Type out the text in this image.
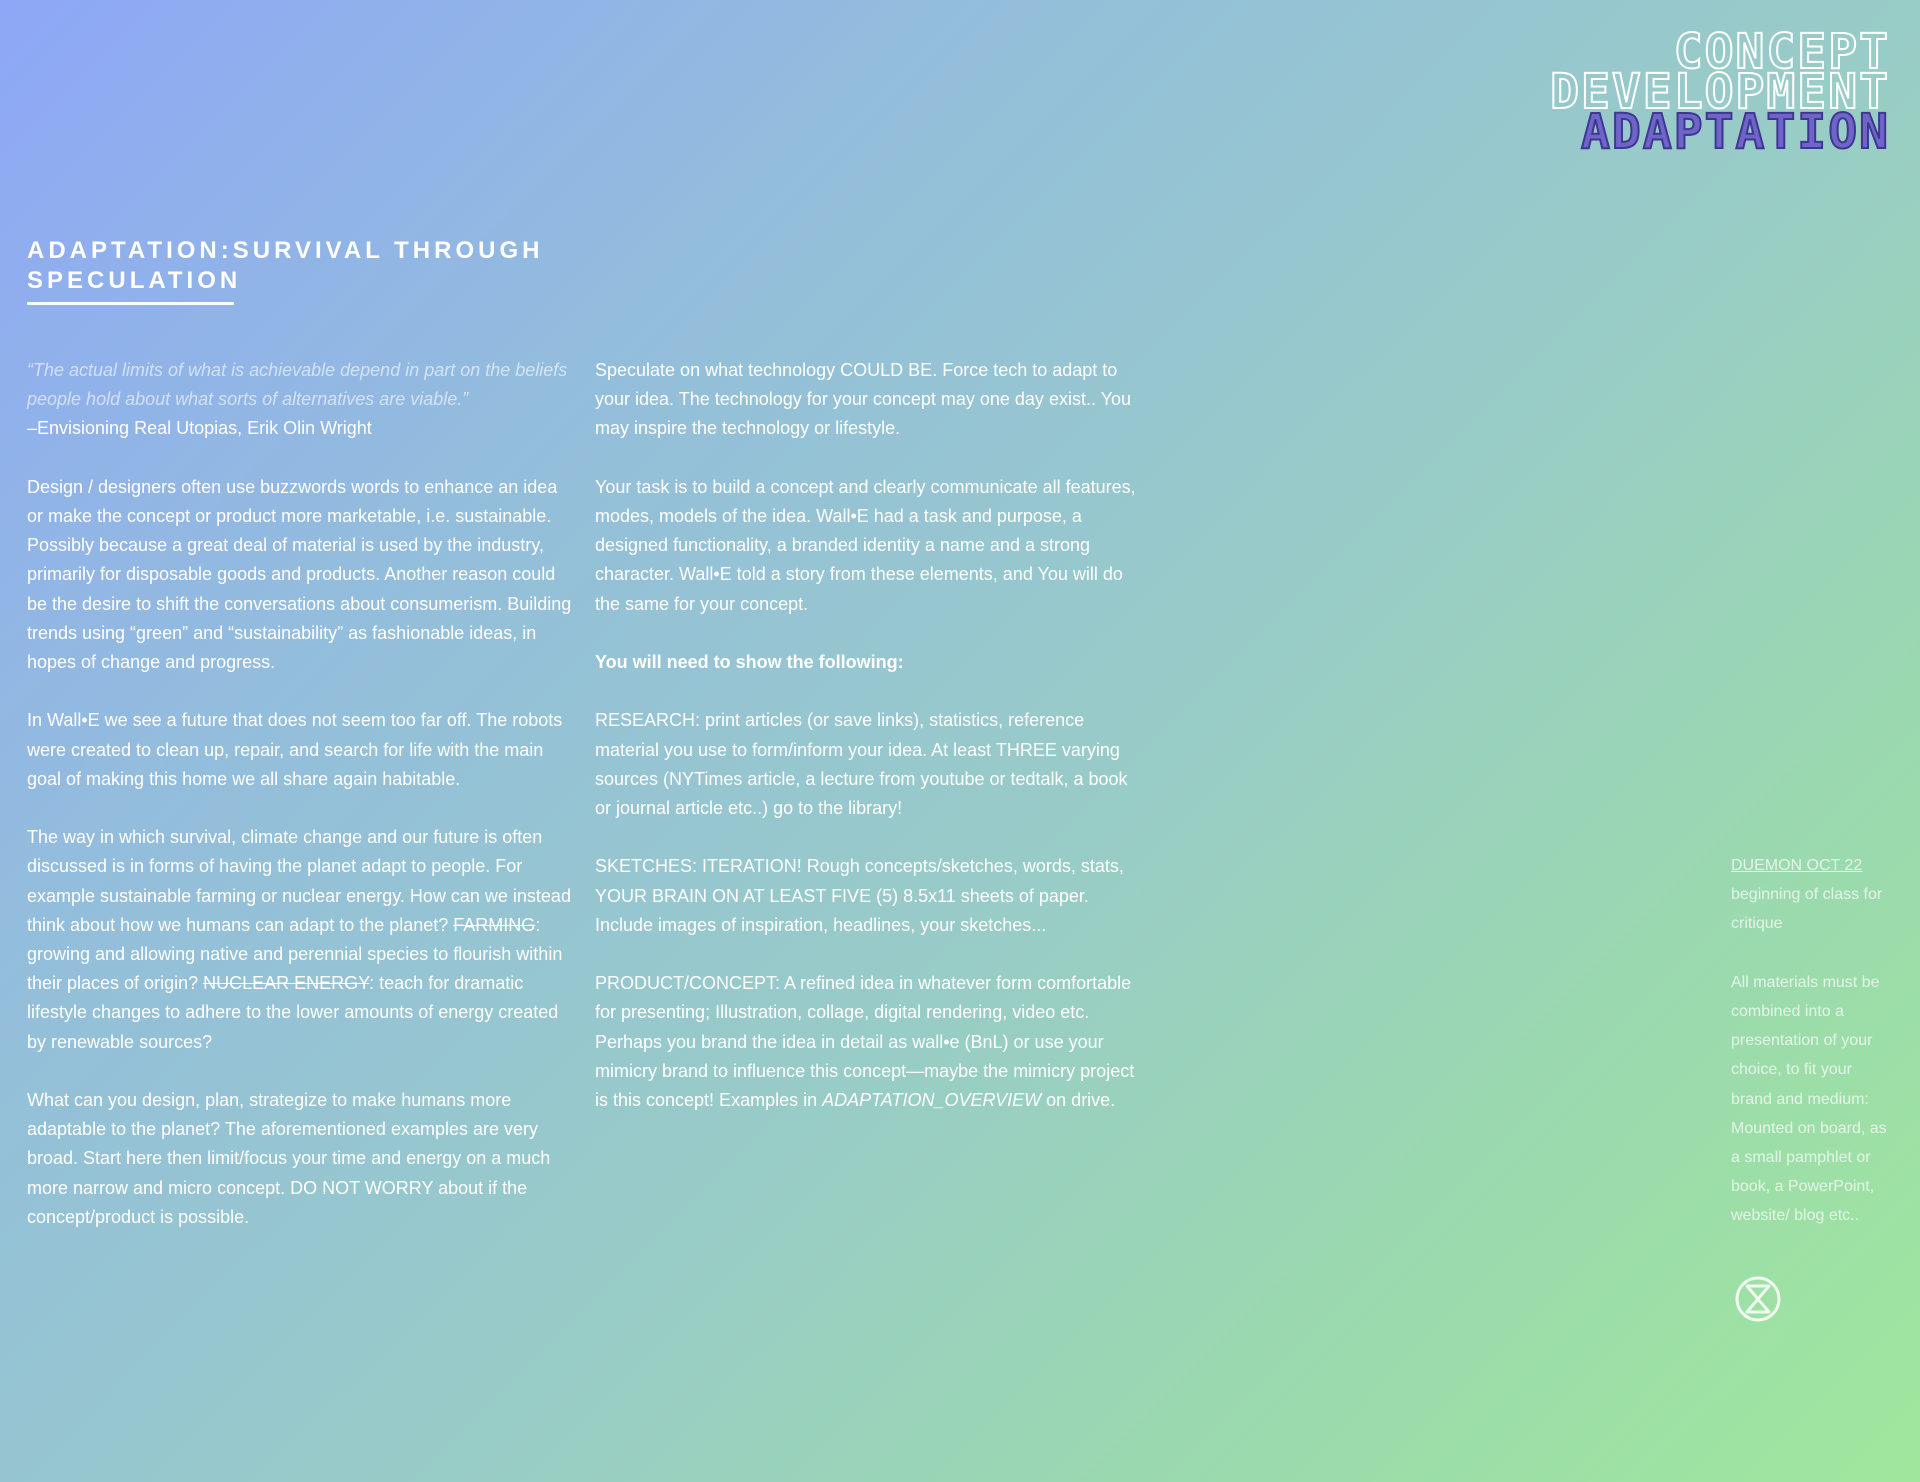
CONCEPT
DEVELOPMENT
ADAPTATION
ADAPTATION:SURVIVAL THROUGH
SPECULATION

“The actual limits of what is achievable depend in part on the beliefs people hold about what sorts of alternatives are viable.”
–Envisioning Real Utopias, Erik Olin Wright

Design / designers often use buzzwords words to enhance an idea or make the concept or product more marketable, i.e. sustainable. Possibly because a great deal of material is used by the industry, primarily for disposable goods and products. Another reason could be the desire to shift the conversations about consumerism. Building trends using “green” and “sustainability” as fashionable ideas, in hopes of change and progress.

In Wall•E we see a future that does not seem too far off. The robots were created to clean up, repair, and search for life with the main goal of making this home we all share again habitable.

The way in which survival, climate change and our future is often discussed is in forms of having the planet adapt to people. For example sustainable farming or nuclear energy. How can we instead think about how we humans can adapt to the planet? FARMING: growing and allowing native and perennial species to flourish within their places of origin? NUCLEAR ENERGY: teach for dramatic lifestyle changes to adhere to the lower amounts of energy created by renewable sources?

What can you design, plan, strategize to make humans more adaptable to the planet? The aforementioned examples are very broad. Start here then limit/focus your time and energy on a much more narrow and micro concept. DO NOT WORRY about if the concept/product is possible.

Speculate on what technology COULD BE. Force tech to adapt to your idea. The technology for your concept may one day exist.. You may inspire the technology or lifestyle.

Your task is to build a concept and clearly communicate all features, modes, models of the idea. Wall•E had a task and purpose, a designed functionality, a branded identity a name and a strong character. Wall•E told a story from these elements, and You will do the same for your concept.

You will need to show the following:

RESEARCH: print articles (or save links), statistics, reference material you use to form/inform your idea. At least THREE varying sources (NYTimes article, a lecture from youtube or tedtalk, a book or journal article etc..) go to the library!

SKETCHES: ITERATION! Rough concepts/sketches, words, stats, YOUR BRAIN ON AT LEAST FIVE (5) 8.5x11 sheets of paper. Include images of inspiration, headlines, your sketches...

PRODUCT/CONCEPT: A refined idea in whatever form comfortable for presenting; Illustration, collage, digital rendering, video etc. Perhaps you brand the idea in detail as wall•e (BnL) or use your mimicry brand to influence this concept—maybe the mimicry project is this concept! Examples in ADAPTATION_OVERVIEW on drive.

DUEMON OCT 22
beginning of class for critique

All materials must be combined into a presentation of your choice, to fit your brand and medium: Mounted on board, as a small pamphlet or book, a PowerPoint, website/ blog etc..
